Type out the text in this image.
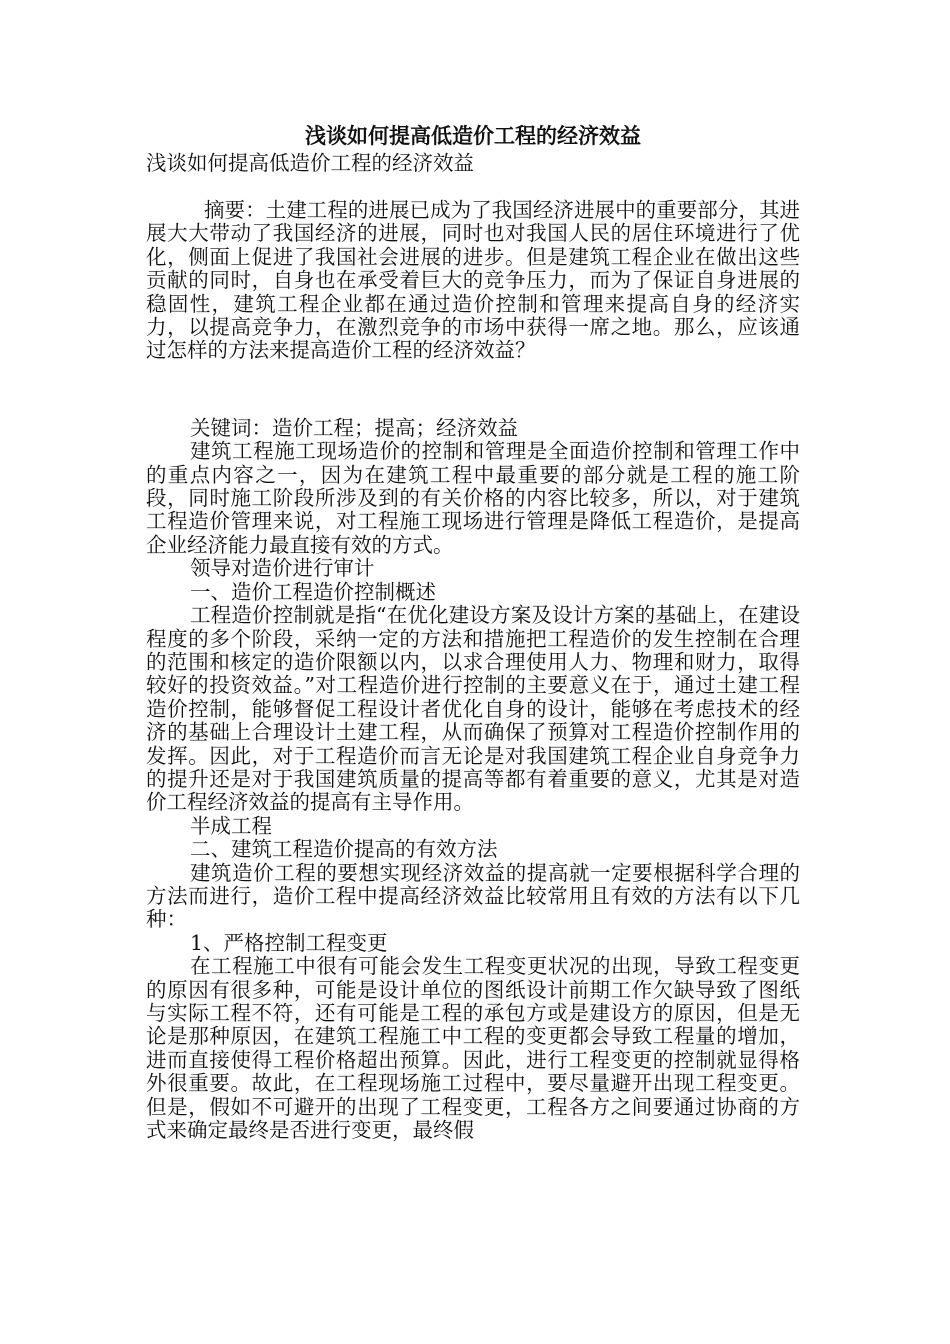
浅谈如何提高低造价工程的经济效益
浅谈如何提高低造价工程的经济效益

摘要：土建工程的进展已成为了我国经济进展中的重要部分，其进展大大带动了我国经济的进展，同时也对我国人民的居住环境进行了优化，侧面上促进了我国社会进展的进步。但是建筑工程企业在做出这些贡献的同时，自身也在承受着巨大的竞争压力，而为了保证自身进展的稳固性，建筑工程企业都在通过造价控制和管理来提高自身的经济实力，以提高竞争力，在激烈竞争的市场中获得一席之地。那么，应该通过怎样的方法来提高造价工程的经济效益？

关键词：造价工程；提高；经济效益

建筑工程施工现场造价的控制和管理是全面造价控制和管理工作中的重点内容之一，因为在建筑工程中最重要的部分就是工程的施工阶段，同时施工阶段所涉及到的有关价格的内容比较多，所以，对于建筑工程造价管理来说，对工程施工现场进行管理是降低工程造价，是提高企业经济能力最直接有效的方式。

领导对造价进行审计

一、造价工程造价控制概述

工程造价控制就是指“在优化建设方案及设计方案的基础上，在建设程度的多个阶段，采纳一定的方法和措施把工程造价的发生控制在合理的范围和核定的造价限额以内，以求合理使用人力、物理和财力，取得较好的投资效益。”对工程造价进行控制的主要意义在于，通过土建工程造价控制，能够督促工程设计者优化自身的设计，能够在考虑技术的经济的基础上合理设计土建工程，从而确保了预算对工程造价控制作用的发挥。因此，对于工程造价而言无论是对我国建筑工程企业自身竞争力的提升还是对于我国建筑质量的提高等都有着重要的意义，尤其是对造价工程经济效益的提高有主导作用。

半成工程

二、建筑工程造价提高的有效方法

建筑造价工程的要想实现经济效益的提高就一定要根据科学合理的方法而进行，造价工程中提高经济效益比较常用且有效的方法有以下几种：

1、严格控制工程变更

在工程施工中很有可能会发生工程变更状况的出现，导致工程变更的原因有很多种，可能是设计单位的图纸设计前期工作欠缺导致了图纸与实际工程不符，还有可能是工程的承包方或是建设方的原因，但是无论是那种原因，在建筑工程施工中工程的变更都会导致工程量的增加，进而直接使得工程价格超出预算。因此，进行工程变更的控制就显得格外很重要。故此，在工程现场施工过程中，要尽量避开出现工程变更。但是，假如不可避开的出现了工程变更，工程各方之间要通过协商的方式来确定最终是否进行变更，最终假
